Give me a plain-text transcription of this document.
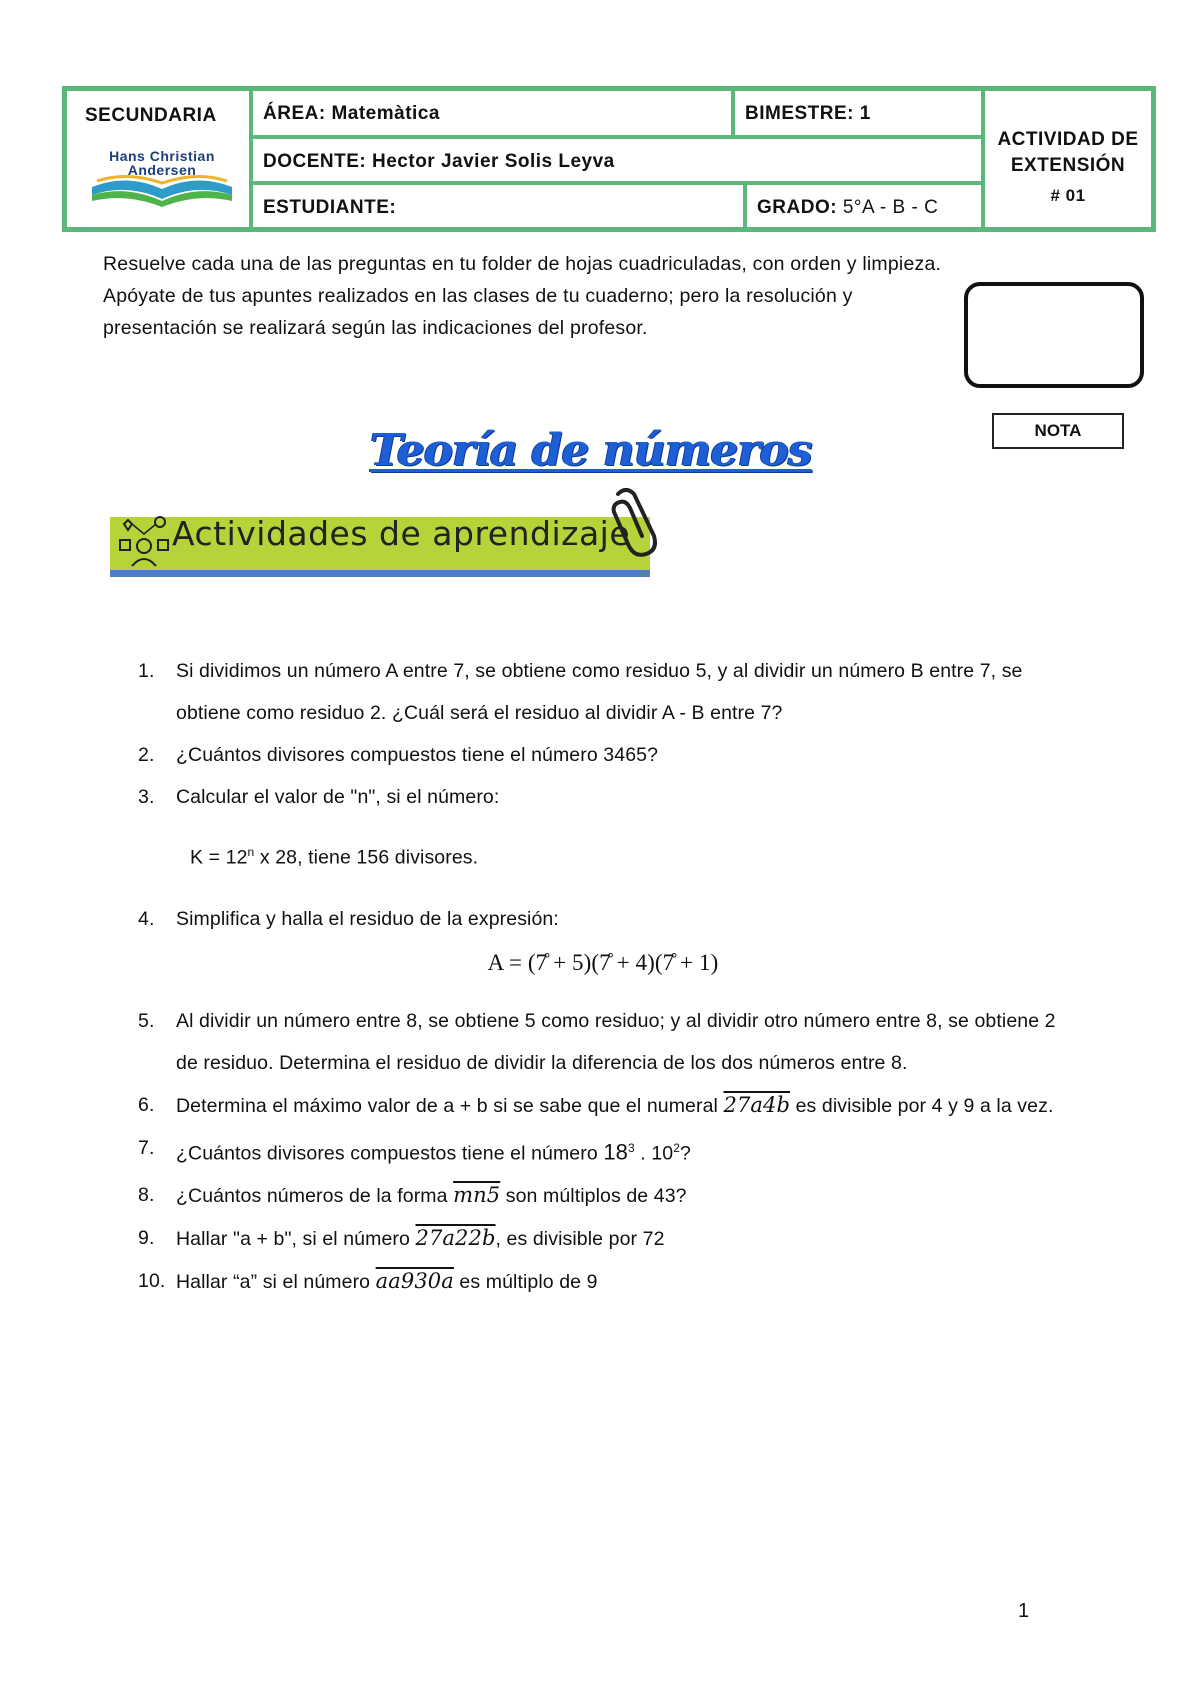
SECUNDARIA
Hans Christian
Andersen
ÁREA: Matemàtica	BIMESTRE: 1
DOCENTE: Hector Javier Solis Leyva
ESTUDIANTE:	GRADO: 5°A - B - C
ACTIVIDAD DE
EXTENSIÓN
# 01

Resuelve cada una de las preguntas en tu folder de hojas cuadriculadas, con orden y limpieza.

Apóyate de tus apuntes realizados en las clases de tu cuaderno; pero la resolución y presentación se realizará según las indicaciones del profesor.

NOTA
Teoría de números
Actividades de aprendizaje
1. Si dividimos un número A entre 7, se obtiene como residuo 5, y al dividir un número B entre 7, se obtiene como residuo 2. ¿Cuál será el residuo al dividir A - B entre 7?
2. ¿Cuántos divisores compuestos tiene el número 3465?
3. Calcular el valor de "n", si el número:
$K = 12^n$ x 28, tiene 156 divisores.
4. Simplifica y halla el residuo de la expresión:
A = (7̊ + 5)(7̊ + 4)(7̊ + 1)
5. Al dividir un número entre 8, se obtiene 5 como residuo; y al dividir otro número entre 8, se obtiene 2 de residuo. Determina el residuo de dividir la diferencia de los dos números entre 8.
6. Determina el máximo valor de a + b si se sabe que el numeral 27a4b es divisible por 4 y 9 a la vez.
7. ¿Cuántos divisores compuestos tiene el número $18^3$ . $10^2$?
8. ¿Cuántos números de la forma mn5 son múltiplos de 43?
9. Hallar "a + b", si el número 27a22b, es divisible por 72
10. Hallar “a” si el número aa930a es múltiplo de 9
1
